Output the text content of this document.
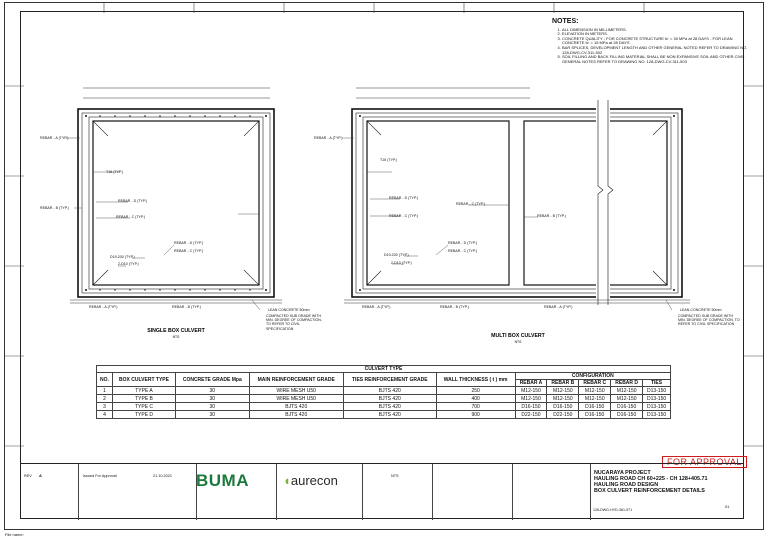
NOTES:
1. ALL DIMENSION IN MILLIMETERS.
2. ELEVATION IN METERS.
3. CONCRETE QUALITY - FOR CONCRETE STRUCTURE fc' = 30 MPa at 28 DAYS - FOR LEAN CONCRETE fc' = 15 MPa at 28 DAYS
4. BAR SPLICES, DEVELOPMENT LENGTH AND OTHER GENERAL NOTED REFER TO DRAWING NO. 128-DWG-CV-311-502
5. SOIL FILLING AND BACK FILLING MATERIAL SHALL BE NON EXPANSIVE SOIL AND OTHER CIVIL GENERAL NOTES REFER TO DRAWING NO. 128-DWG-CV-311-503
REBAR - A (TYP.)
REBAR - B (TYP.)
T16 (TYP.)
REBAR - D (TYP.)
REBAR - C (TYP.)
REBAR - D (TYP.)
REBAR - C (TYP.)
D19-200 (TYP.)
2-D10 (TYP.)
REBAR - A (TYP.)	REBAR - B (TYP.)
LEAN CONCRETE 50mm
COMPACTED SUB GRADE WITH MIN. DEGREE OF COMPACTION, TO REFER TO CIVIL SPECIFICATION
SINGLE BOX CULVERT
NTS
REBAR - A (TYP.)
T16 (TYP.)
REBAR - D (TYP.)
REBAR - C (TYP.)
REBAR - C (TYP.)
REBAR - B (TYP.)
REBAR - D (TYP.)
REBAR - C (TYP.)
D19-200 (TYP.)
2-D10 (TYP.)
REBAR - A (TYP.)	REBAR - B (TYP.)	REBAR - A (TYP.)
LEAN CONCRETE 50mm
COMPACTED SUB GRADE WITH MIN. DEGREE OF COMPACTION, TO REFER TO CIVIL SPECIFICATION
MULTI BOX CULVERT
NTS
CULVERT TYPE										
NO.	BOX CULVERT TYPE	CONCRETE GRADE Mpa	MAIN REINFORCEMENT GRADE	TIES REINFORCEMENT GRADE	WALL THICKNESS ( t ) mm	CONFIGURATION				
						REBAR A	REBAR B	REBAR C	REBAR D	TIES
1	TYPE A	30	WIRE MESH U50	BJTS 420	250	M12-150	M12-150	M12-150	M12-150	D13-150
2	TYPE B	30	WIRE MESH U50	BJTS 420	400	M12-150	M12-150	M12-150	M12-150	D13-150
3	TYPE C	30	BJTS 420	BJTS 420	700	D16-150	D16-150	D16-150	D16-150	D13-150
4	TYPE D	30	BJTS 420	BJTS 420	900	D22-150	D22-150	D16-150	D16-150	D13-150
FOR APPROVAL
REV A	Issued For Approval	21.10.2021	NTS
128-DWG-HYD-361-971
01
BUMA	◖aurecon	NUCARAYA PROJECT
HAULING ROAD CH 60+225 - CH 128+405.71
HAULING ROAD DESIGN
BOX CULVERT REINFORCEMENT DETAILS
File name:
